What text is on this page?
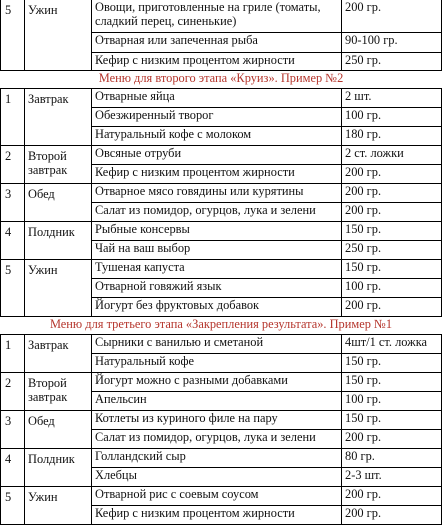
5	Ужин	Овощи, приготовленные на гриле (томаты, сладкий перец, синенькие)	200 гр.
		Отварная или запеченная рыба	90-100 гр.
		Кефир с низким процентом жирности	250 гр.
Меню для второго этапа «Круиз». Пример №2			
1	Завтрак	Отварные яйца	2 шт.
		Обезжиренный творог	100 гр.
		Натуральный кофе с молоком	180 гр.
2	Второй завтрак	Овсяные отруби	2 ст. ложки
		Кефир с низким процентом жирности	200 гр.
3	Обед	Отварное мясо говядины или курятины	200 гр.
		Салат из помидор, огурцов, лука и зелени	200 гр.
4	Полдник	Рыбные консервы	150 гр.
		Чай на ваш выбор	250 гр.
5	Ужин	Тушеная капуста	150 гр.
		Отварной говяжий язык	100 гр.
		Йогурт без фруктовых добавок	200 гр.
Меню для третьего этапа «Закрепления результата». Пример №1			
1	Завтрак	Сырники с ванилью и сметаной	4шт/1 ст. ложка
		Натуральный кофе	150 гр.
2	Второй завтрак	Йогурт можно с разными добавками	150 гр.
		Апельсин	100 гр.
3	Обед	Котлеты из куриного филе на пару	150 гр.
		Салат из помидор, огурцов, лука и зелени	200 гр.
4	Полдник	Голландский сыр	80 гр.
		Хлебцы	2-3 шт.
5	Ужин	Отварной рис с соевым соусом	200 гр.
		Кефир с низким процентом жирности	200 гр.
